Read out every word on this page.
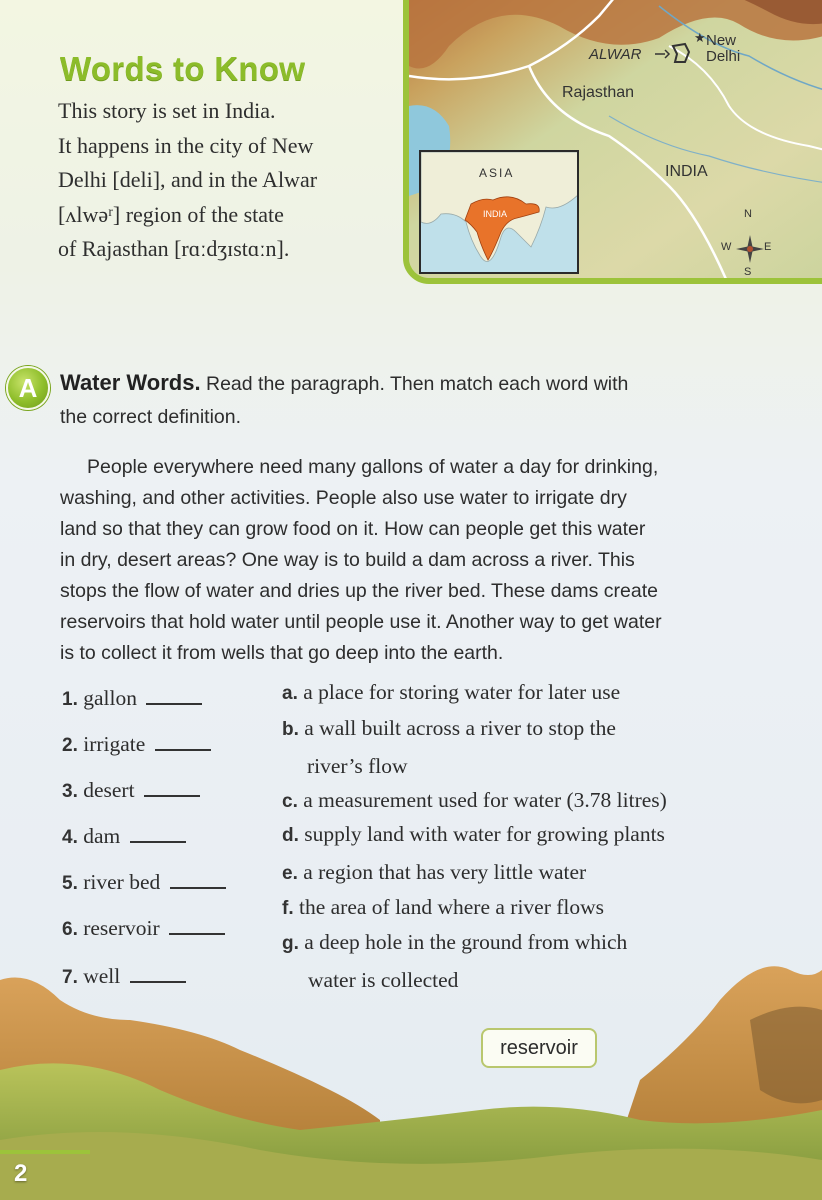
Words to Know
This story is set in India.
It happens in the city of New
Delhi [deli], and in the Alwar
[ʌlwəʳ] region of the state
of Rajasthan [rɑːdʒɪstɑːn].
ALWAR
★ New
Delhi
Rajasthan
INDIA
N
S
E
W
ASIA
INDIA
A	Water Words. Read the paragraph. Then match each word with
the correct definition.
People everywhere need many gallons of water a day for drinking,
washing, and other activities. People also use water to irrigate dry
land so that they can grow food on it. How can people get this water
in dry, desert areas? One way is to build a dam across a river. This
stops the flow of water and dries up the river bed. These dams create
reservoirs that hold water until people use it. Another way to get water
is to collect it from wells that go deep into the earth.
1. gallon
2. irrigate
3. desert
4. dam
5. river bed
6. reservoir
7. well
a. a place for storing water for later use
b. a wall built across a river to stop the
river’s flow
c. a measurement used for water (3.78 litres)
d. supply land with water for growing plants
e. a region that has very little water
f. the area of land where a river flows
g. a deep hole in the ground from which
water is collected
reservoir
2
